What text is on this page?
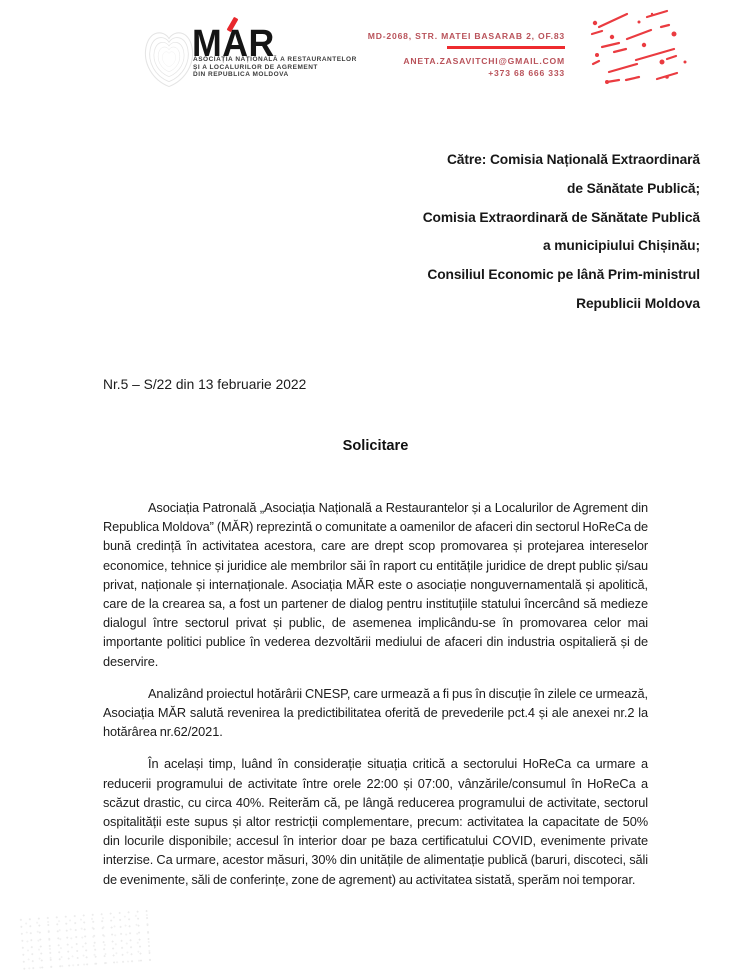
MAR
ASOCIAȚIA NAȚIONALĂ A RESTAURANTELOR
ȘI A LOCALURILOR DE AGREMENT
DIN REPUBLICA MOLDOVA
MD-2068, STR. MATEI BASARAB 2, OF.83
ANETA.ZASAVITCHI@GMAIL.COM
+373 68 666 333
Către: Comisia Națională Extraordinară
de Sănătate Publică;
Comisia Extraordinară de Sănătate Publică
a municipiului Chișinău;
Consiliul Economic pe lână Prim-ministrul
Republicii Moldova
Nr.5 – S/22 din 13 februarie 2022
Solicitare

Asociația Patronală „Asociația Națională a Restaurantelor și a Localurilor de Agrement din Republica Moldova” (MĂR) reprezintă o comunitate a oamenilor de afaceri din sectorul HoReCa de bună credință în activitatea acestora, care are drept scop promovarea și protejarea intereselor economice, tehnice și juridice ale membrilor săi în raport cu entitățile juridice de drept public și/sau privat, naționale și internaționale. Asociația MĂR este o asociație nonguvernamentală și apolitică, care de la crearea sa, a fost un partener de dialog pentru instituțiile statului încercând să medieze dialogul între sectorul privat și public, de asemenea implicându-se în promovarea celor mai importante politici publice în vederea dezvoltării mediului de afaceri din industria ospitalieră și de deservire.

Analizând proiectul hotărârii CNESP, care urmează a fi pus în discuție în zilele ce urmează, Asociația MĂR salută revenirea la predictibilitatea oferită de prevederile pct.4 și ale anexei nr.2 la hotărârea nr.62/2021.

În același timp, luând în considerație situația critică a sectorului HoReCa ca urmare a reducerii programului de activitate între orele 22:00 și 07:00, vânzările/consumul în HoReCa a scăzut drastic, cu circa 40%. Reiterăm că, pe lângă reducerea programului de activitate, sectorul ospitalității este supus și altor restricții complementare, precum: activitatea la capacitate de 50% din locurile disponibile; accesul în interior doar pe baza certificatului COVID, evenimente private interzise. Ca urmare, acestor măsuri, 30% din unitățile de alimentație publică (baruri, discoteci, săli de evenimente, săli de conferințe, zone de agrement) au activitatea sistată, sperăm noi temporar.
